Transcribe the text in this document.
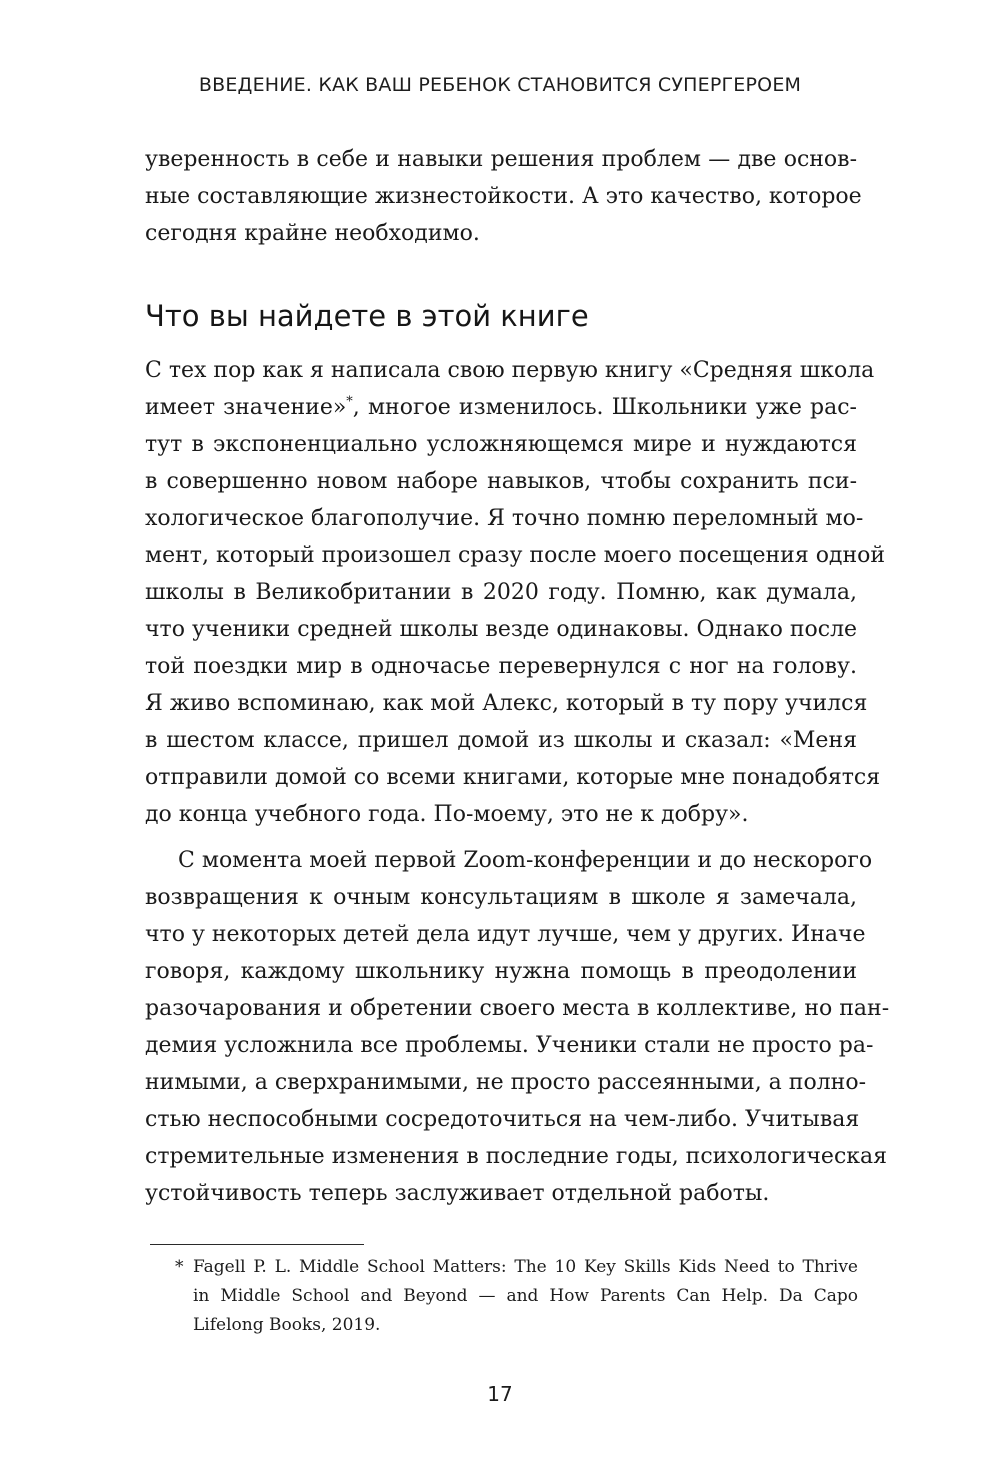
ВВЕДЕНИЕ. КАК ВАШ РЕБЕНОК СТАНОВИТСЯ СУПЕРГЕРОЕМ
уверенность в себе и навыки решения проблем — две основ-
ные составляющие жизнестойкости. А это качество, которое
сегодня крайне необходимо.
Что вы найдете в этой книге
С тех пор как я написала свою первую книгу «Средняя школа
имеет значение»*, многое изменилось. Школьники уже рас-
тут в экспоненциально усложняющемся мире и нуждаются
в совершенно новом наборе навыков, чтобы сохранить пси-
хологическое благополучие. Я точно помню переломный мо-
мент, который произошел сразу после моего посещения одной
школы в Великобритании в 2020 году. Помню, как думала,
что ученики средней школы везде одинаковы. Однако после
той поездки мир в одночасье перевернулся с ног на голову.
Я живо вспоминаю, как мой Алекс, который в ту пору учился
в шестом классе, пришел домой из школы и сказал: «Меня
отправили домой со всеми книгами, которые мне понадобятся
до конца учебного года. По-моему, это не к добру».
С момента моей первой Zoom-конференции и до нескорого
возвращения к очным консультациям в школе я замечала,
что у некоторых детей дела идут лучше, чем у других. Иначе
говоря, каждому школьнику нужна помощь в преодолении
разочарования и обретении своего места в коллективе, но пан-
демия усложнила все проблемы. Ученики стали не просто ра-
нимыми, а сверхранимыми, не просто рассеянными, а полно-
стью неспособными сосредоточиться на чем-либо. Учитывая
стремительные изменения в последние годы, психологическая
устойчивость теперь заслуживает отдельной работы.
* Fagell P. L. Middle School Matters: The 10 Key Skills Kids Need to Thrive
in Middle School and Beyond — and How Parents Can Help. Da Capo
Lifelong Books, 2019.
17
